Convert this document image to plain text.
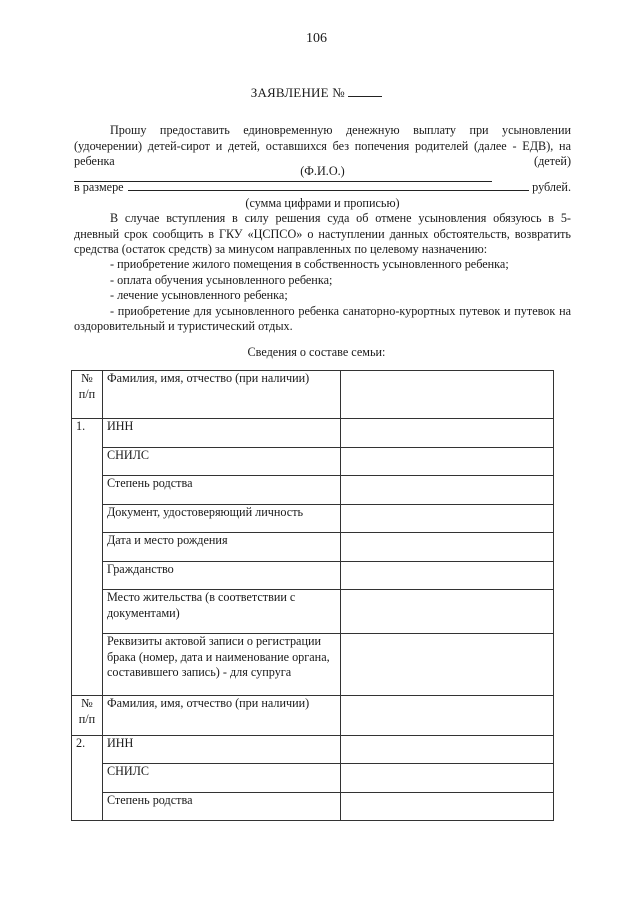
106
ЗАЯВЛЕНИЕ №
Прошу предоставить единовременную денежную выплату при усыновлении (удочерении) детей-сирот и детей, оставшихся без попечения родителей (далее - ЕДВ), на ребенка (детей)
(Ф.И.О.)
в размере	рублей.
(сумма цифрами и прописью)
В случае вступления в силу решения суда об отмене усыновления обязуюсь в 5-дневный срок сообщить в ГКУ «ЦСПСО» о наступлении данных обстоятельств, возвратить средства (остаток средств) за минусом направленных по целевому назначению:
- приобретение жилого помещения в собственность усыновленного ребенка;
- оплата обучения усыновленного ребенка;
- лечение усыновленного ребенка;
- приобретение для усыновленного ребенка санаторно-курортных путевок и путевок на оздоровительный и туристический отдых.
Сведения о составе семьи:
№ п/п	Фамилия, имя, отчество (при наличии)	
1.	ИНН	
	СНИЛС	
	Степень родства	
	Документ, удостоверяющий личность	
	Дата и место рождения	
	Гражданство	
	Место жительства (в соответствии с документами)	
	Реквизиты актовой записи о регистрации брака (номер, дата и наименование органа, составившего запись) - для супруга	
№ п/п	Фамилия, имя, отчество (при наличии)	
2.	ИНН	
	СНИЛС	
	Степень родства	
